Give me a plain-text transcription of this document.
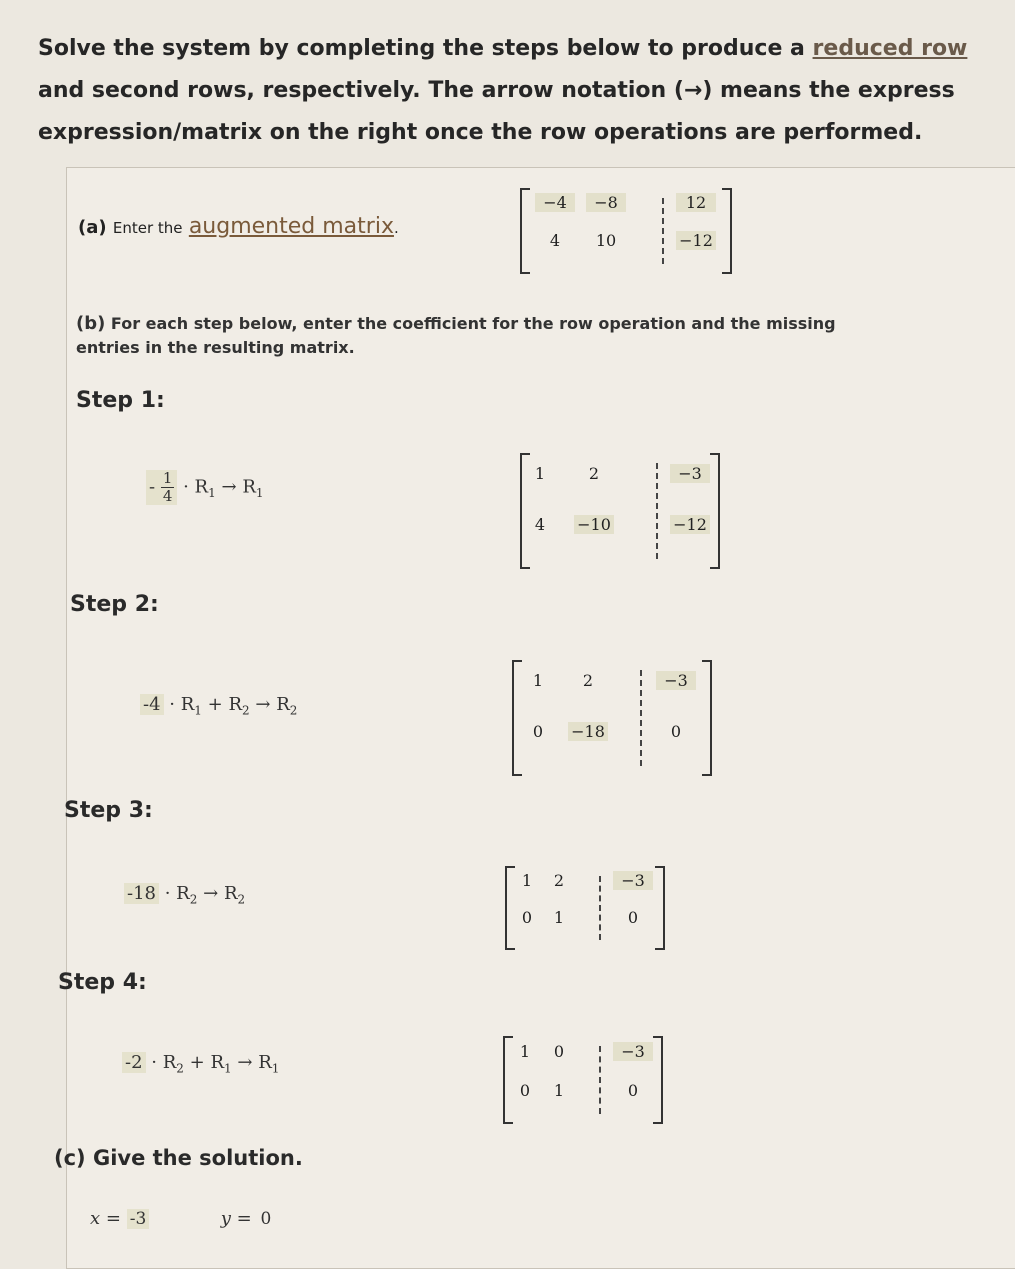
Solve the system by completing the steps below to produce a reduced row
and second rows, respectively. The arrow notation (→) means the express
expression/matrix on the right once the row operations are performed.
(a) Enter the augmented matrix.
−4	−8	12
4	10	−12
(b) For each step below, enter the coefficient for the row operation and the missing
entries in the resulting matrix.
Step 1:
- $\frac{1}{4} \cdot R_1 \to R_1$
1	2	−3
4	−10	−12
Step 2:
$-4 \cdot R_1 + R_2 \to R_2$
1	2	−3
0	−18	0
Step 3:
$-18 \cdot R_2 \to R_2$
1	2	−3
0	1	0
Step 4:
$-2 \cdot R_2 + R_1 \to R_1$
1	0	−3
0	1	0
(c) Give the solution.
x = -3	y = 0
